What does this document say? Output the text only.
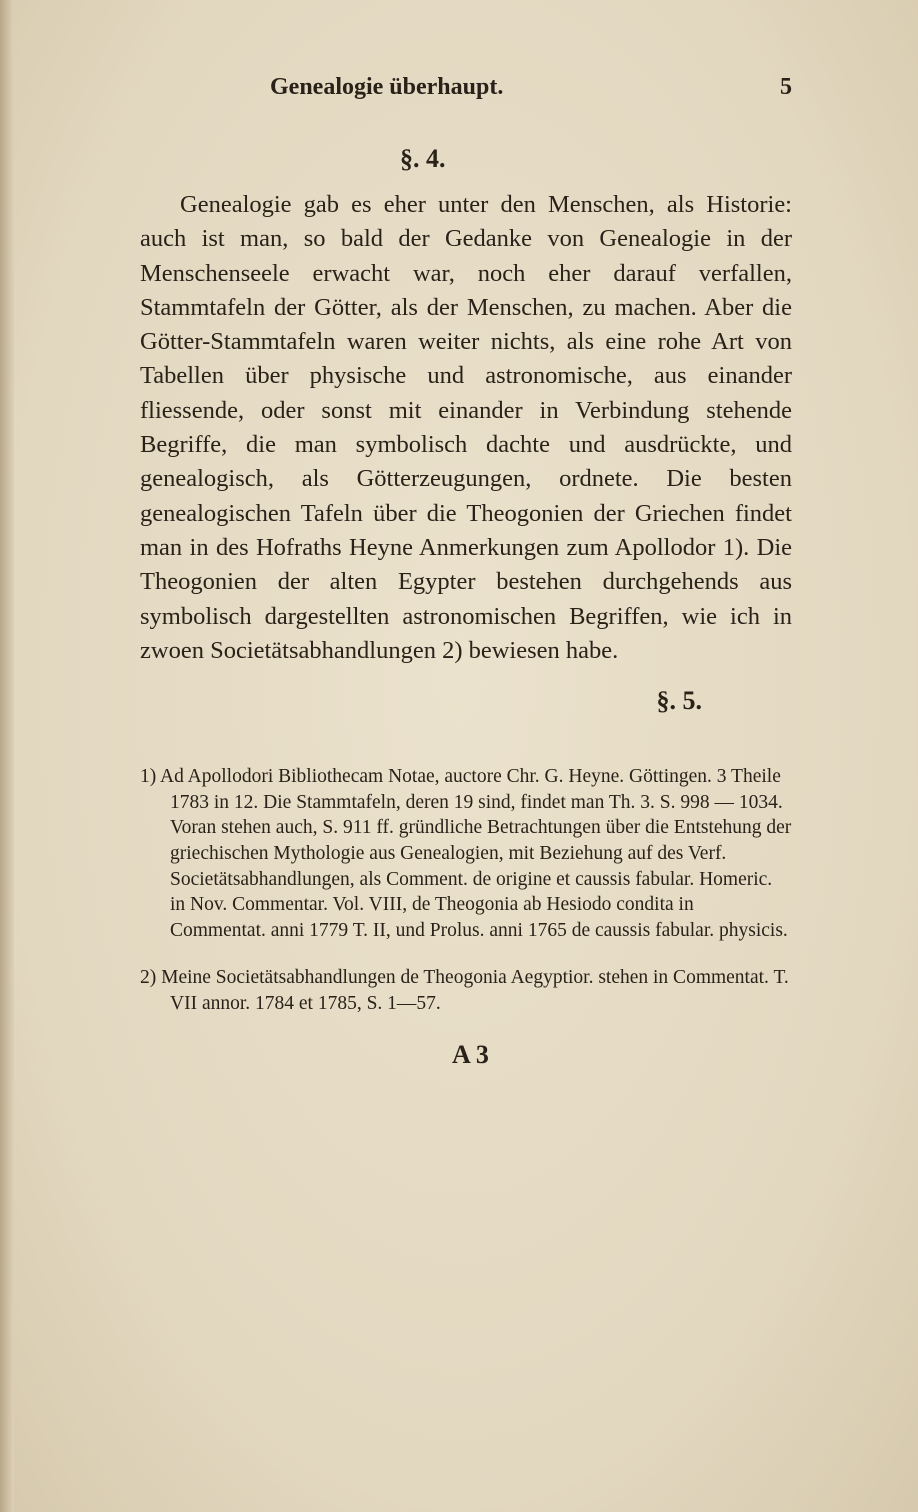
Genealogie überhaupt.	5
§. 4.

Genealogie gab es eher unter den Menschen, als Historie: auch ist man, so bald der Gedanke von Genealogie in der Menschenseele erwacht war, noch eher darauf verfallen, Stammtafeln der Götter, als der Menschen, zu machen. Aber die Götter-Stammtafeln waren weiter nichts, als eine rohe Art von Tabellen über physische und astronomische, aus einander fliessende, oder sonst mit einander in Verbindung stehende Begriffe, die man symbolisch dachte und ausdrückte, und genealogisch, als Götterzeugungen, ordnete. Die besten genealogischen Tafeln über die Theogonien der Griechen findet man in des Hofraths Heyne Anmerkungen zum Apollodor 1). Die Theogonien der alten Egypter bestehen durchgehends aus symbolisch dargestellten astronomischen Begriffen, wie ich in zwoen Societätsabhandlungen 2) bewiesen habe.

§. 5.

1) Ad Apollodori Bibliothecam Notae, auctore Chr. G. Heyne. Göttingen. 3 Theile 1783 in 12. Die Stammtafeln, deren 19 sind, findet man Th. 3. S. 998 — 1034. Voran stehen auch, S. 911 ff. gründliche Betrachtungen über die Entstehung der griechischen Mythologie aus Genealogien, mit Beziehung auf des Verf. Societätsabhandlungen, als Comment. de origine et caussis fabular. Homeric. in Nov. Commentar. Vol. VIII, de Theogonia ab Hesiodo condita in Commentat. anni 1779 T. II, und Prolus. anni 1765 de caussis fabular. physicis.

2) Meine Societätsabhandlungen de Theogonia Aegyptior. stehen in Commentat. T. VII annor. 1784 et 1785, S. 1—57.

A 3
